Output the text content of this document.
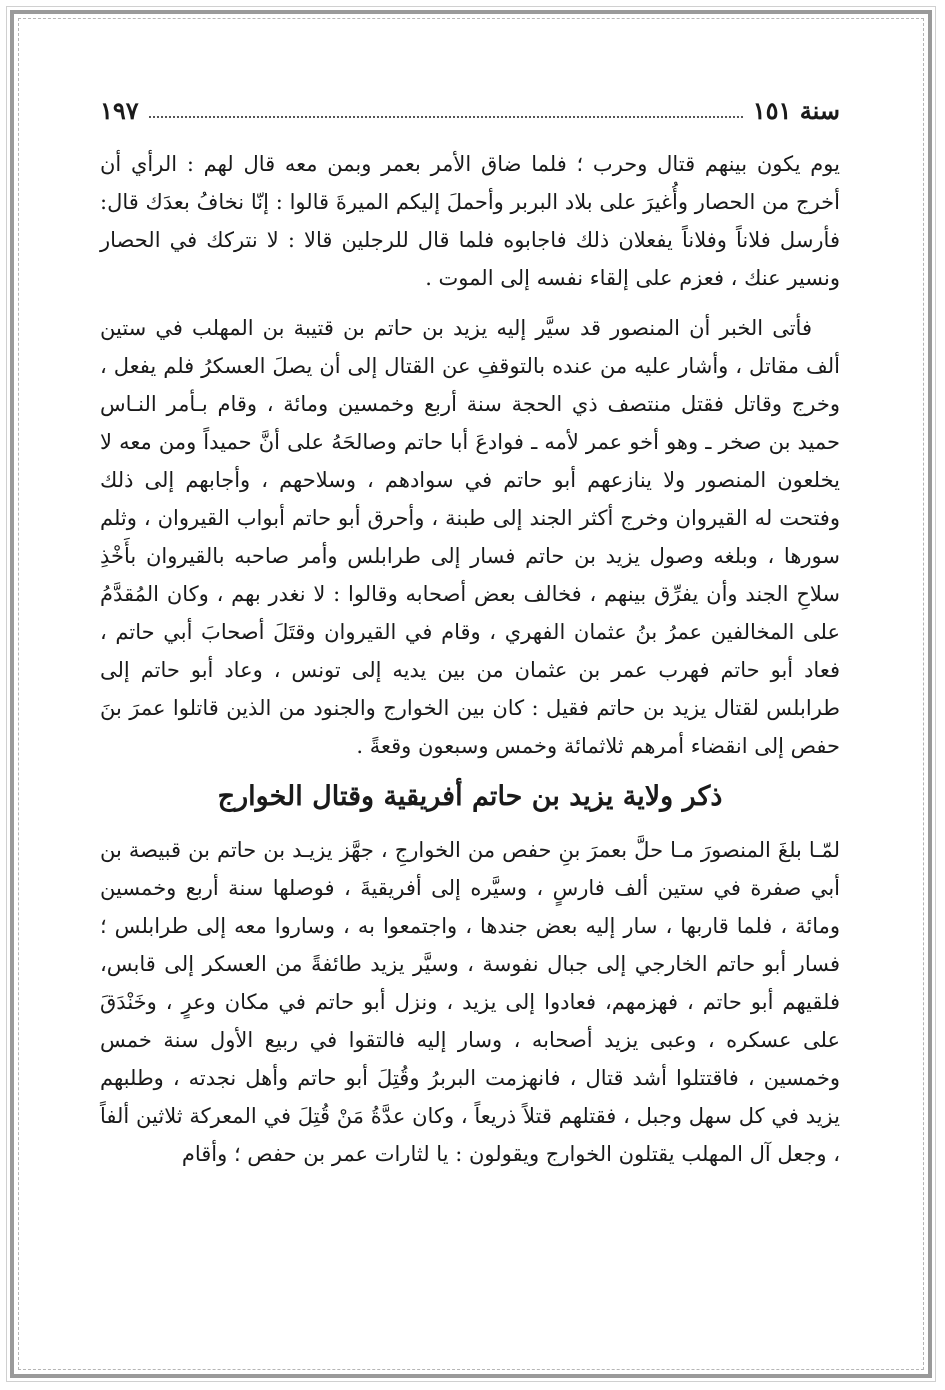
سنة ١٥١
١٩٧

يوم يكون بينهم قتال وحرب ؛ فلما ضاق الأمر بعمر وبمن معه قال لهم : الرأي أن أخرج من الحصار وأُغيرَ على بلاد البربر وأحملَ إليكم الميرةَ قالوا : إنّا نخافُ بعدَك قال: فأرسل فلاناً وفلاناً يفعلان ذلك فاجابوه فلما قال للرجلين قالا : لا نتركك في الحصار ونسير عنك ، فعزم على إلقاء نفسه إلى الموت .

فأتى الخبر أن المنصور قد سيَّر إليه يزيد بن حاتم بن قتيبة بن المهلب في ستين ألف مقاتل ، وأشار عليه من عنده بالتوقفِ عن القتال إلى أن يصلَ العسكرُ فلم يفعل ، وخرج وقاتل فقتل منتصف ذي الحجة سنة أربع وخمسين ومائة ، وقام بـأمر النـاس حميد بن صخر ـ وهو أخو عمر لأمه ـ فوادعَ أبا حاتم وصالحَهُ على أنَّ حميداً ومن معه لا يخلعون المنصور ولا ينازعهم أبو حاتم في سوادهم ، وسلاحهم ، وأجابهم إلى ذلك وفتحت له القيروان وخرج أكثر الجند إلى طبنة ، وأحرق أبو حاتم أبواب القيروان ، وثلم سورها ، وبلغه وصول يزيد بن حاتم فسار إلى طرابلس وأمر صاحبه بالقيروان بأَخْذِ سلاحِ الجند وأن يفرِّق بينهم ، فخالف بعض أصحابه وقالوا : لا نغدر بهم ، وكان المُقدَّمُ على المخالفين عمرُ بنُ عثمان الفهري ، وقام في القيروان وقتَلَ أصحابَ أبي حاتم ، فعاد أبو حاتم فهرب عمر بن عثمان من بين يديه إلى تونس ، وعاد أبو حاتم إلى طرابلس لقتال يزيد بن حاتم فقيل : كان بين الخوارج والجنود من الذين قاتلوا عمرَ بنَ حفص إلى انقضاء أمرهم ثلاثمائة وخمس وسبعون وقعةً .

ذكر ولاية يزيد بن حاتم أفريقية وقتال الخوارج

لمّـا بلغَ المنصورَ مـا حلَّ بعمرَ بنِ حفص من الخوارجِ ، جهَّز يزيـد بن حاتم بن قبيصة بن أبي صفرة في ستين ألف فارسٍ ، وسيَّره إلى أفريقيةَ ، فوصلها سنة أربع وخمسين ومائة ، فلما قاربها ، سار إليه بعض جندها ، واجتمعوا به ، وساروا معه إلى طرابلس ؛ فسار أبو حاتم الخارجي إلى جبال نفوسة ، وسيَّر يزيد طائفةً من العسكر إلى قابس، فلقيهم أبو حاتم ، فهزمهم، فعادوا إلى يزيد ، ونزل أبو حاتم في مكان وعرٍ ، وخَنْدَقَ على عسكره ، وعبى يزيد أصحابه ، وسار إليه فالتقوا في ربيع الأول سنة خمس وخمسين ، فاقتتلوا أشد قتال ، فانهزمت البربرُ وقُتِلَ أبو حاتم وأهل نجدته ، وطلبهم يزيد في كل سهل وجبل ، فقتلهم قتلاً ذريعاً ، وكان عدَّةُ مَنْ قُتِلَ في المعركة ثلاثين ألفاً ، وجعل آل المهلب يقتلون الخوارج ويقولون : يا لثارات عمر بن حفص ؛ وأقام
